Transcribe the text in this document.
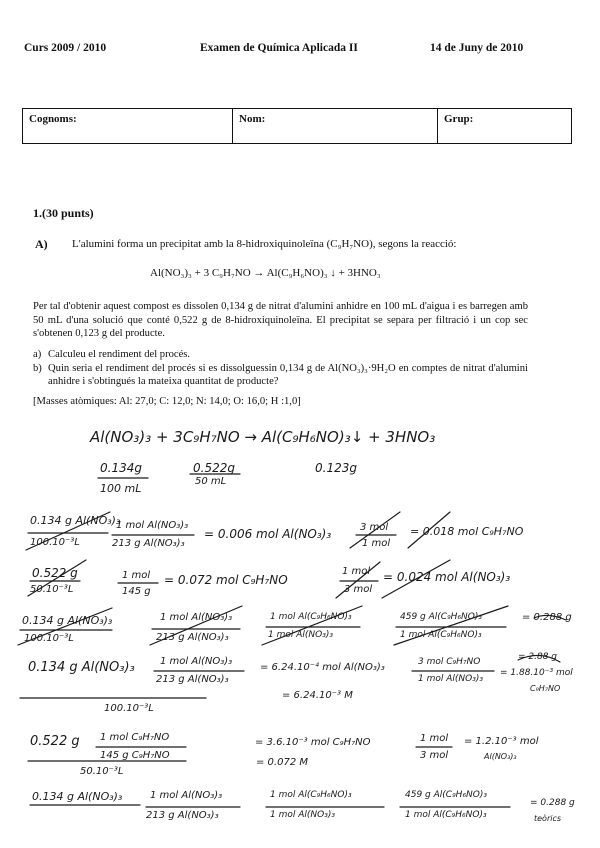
Curs 2009 / 2010	Examen de Química Aplicada II	14 de Juny de 2010
Cognoms:	Nom:	Grup:
1.(30 punts)
A) L'alumini forma un precipitat amb la 8-hidroxiquinoleïna (C₉H₇NO), segons la reacció:
Al(NO₃)₃ + 3 C₉H₇NO → Al(C₉H₆NO)₃ ↓ + 3HNO₃
Per tal d'obtenir aquest compost es dissolen 0,134 g de nitrat d'alumini anhidre en 100 mL d'aigua i es barregen amb 50 mL d'una solució que conté 0,522 g de 8-hidroxiquinoleïna. El precipitat se separa per filtració i un cop sec s'obtenen 0,123 g del producte.
a) Calculeu el rendiment del procés.
b) Quin seria el rendiment del procés si es dissolguessin 0,134 g de Al(NO₃)₃·9H₂O en comptes de nitrat d'alumini anhidre i s'obtingués la mateixa quantitat de producte?
[Masses atòmiques: Al: 27,0; C: 12,0; N: 14,0; O: 16,0; H :1,0]
Al(NO₃)₃ + 3C₉H₇NO → Al(C₉H₆NO)₃↓ + 3HNO₃
0.134g
100 mL
0.522g
50 mL
0.123g
0.134 g Al(NO₃)₃
100.10⁻³L
1 mol Al(NO₃)₃
213 g Al(NO₃)₃
= 0.006 mol Al(NO₃)₃	3 mol
1 mol
= 0.018 mol C₉H₇NO
0.522 g
50.10⁻³L
1 mol
145 g
= 0.072 mol C₉H₇NO
1 mol
3 mol
= 0.024 mol Al(NO₃)₃
0.134 g Al(NO₃)₃
100.10⁻³L
1 mol Al(NO₃)₃
213 g Al(NO₃)₃
1 mol Al(C₉H₆NO)₃
1 mol Al(NO₃)₃
459 g Al(C₉H₆NO)₃
1 mol Al(C₉H₆NO)₃
= 0.288 g
0.134 g Al(NO₃)₃
100.10⁻³L
1 mol Al(NO₃)₃
213 g Al(NO₃)₃
= 6.24.10⁻⁴ mol Al(NO₃)₃
= 6.24.10⁻³ M
3 mol C₉H₇NO
1 mol Al(NO₃)₃
= 2.88 g
= 1.88.10⁻³ mol
C₉H₇NO
0.522 g 1 mol C₉H₇NO
145 g C₉H₇NO
50.10⁻³L
= 3.6.10⁻³ mol C₉H₇NO
= 0.072 M
1 mol
3 mol
= 1.2.10⁻³ mol
Al(NO₃)₃
0.134 g Al(NO₃)₃	1 mol Al(NO₃)₃
213 g Al(NO₃)₃
1 mol Al(C₉H₆NO)₃
1 mol Al(NO₃)₃
459 g Al(C₉H₆NO)₃
1 mol Al(C₉H₆NO)₃
= 0.288 g
teòrics
